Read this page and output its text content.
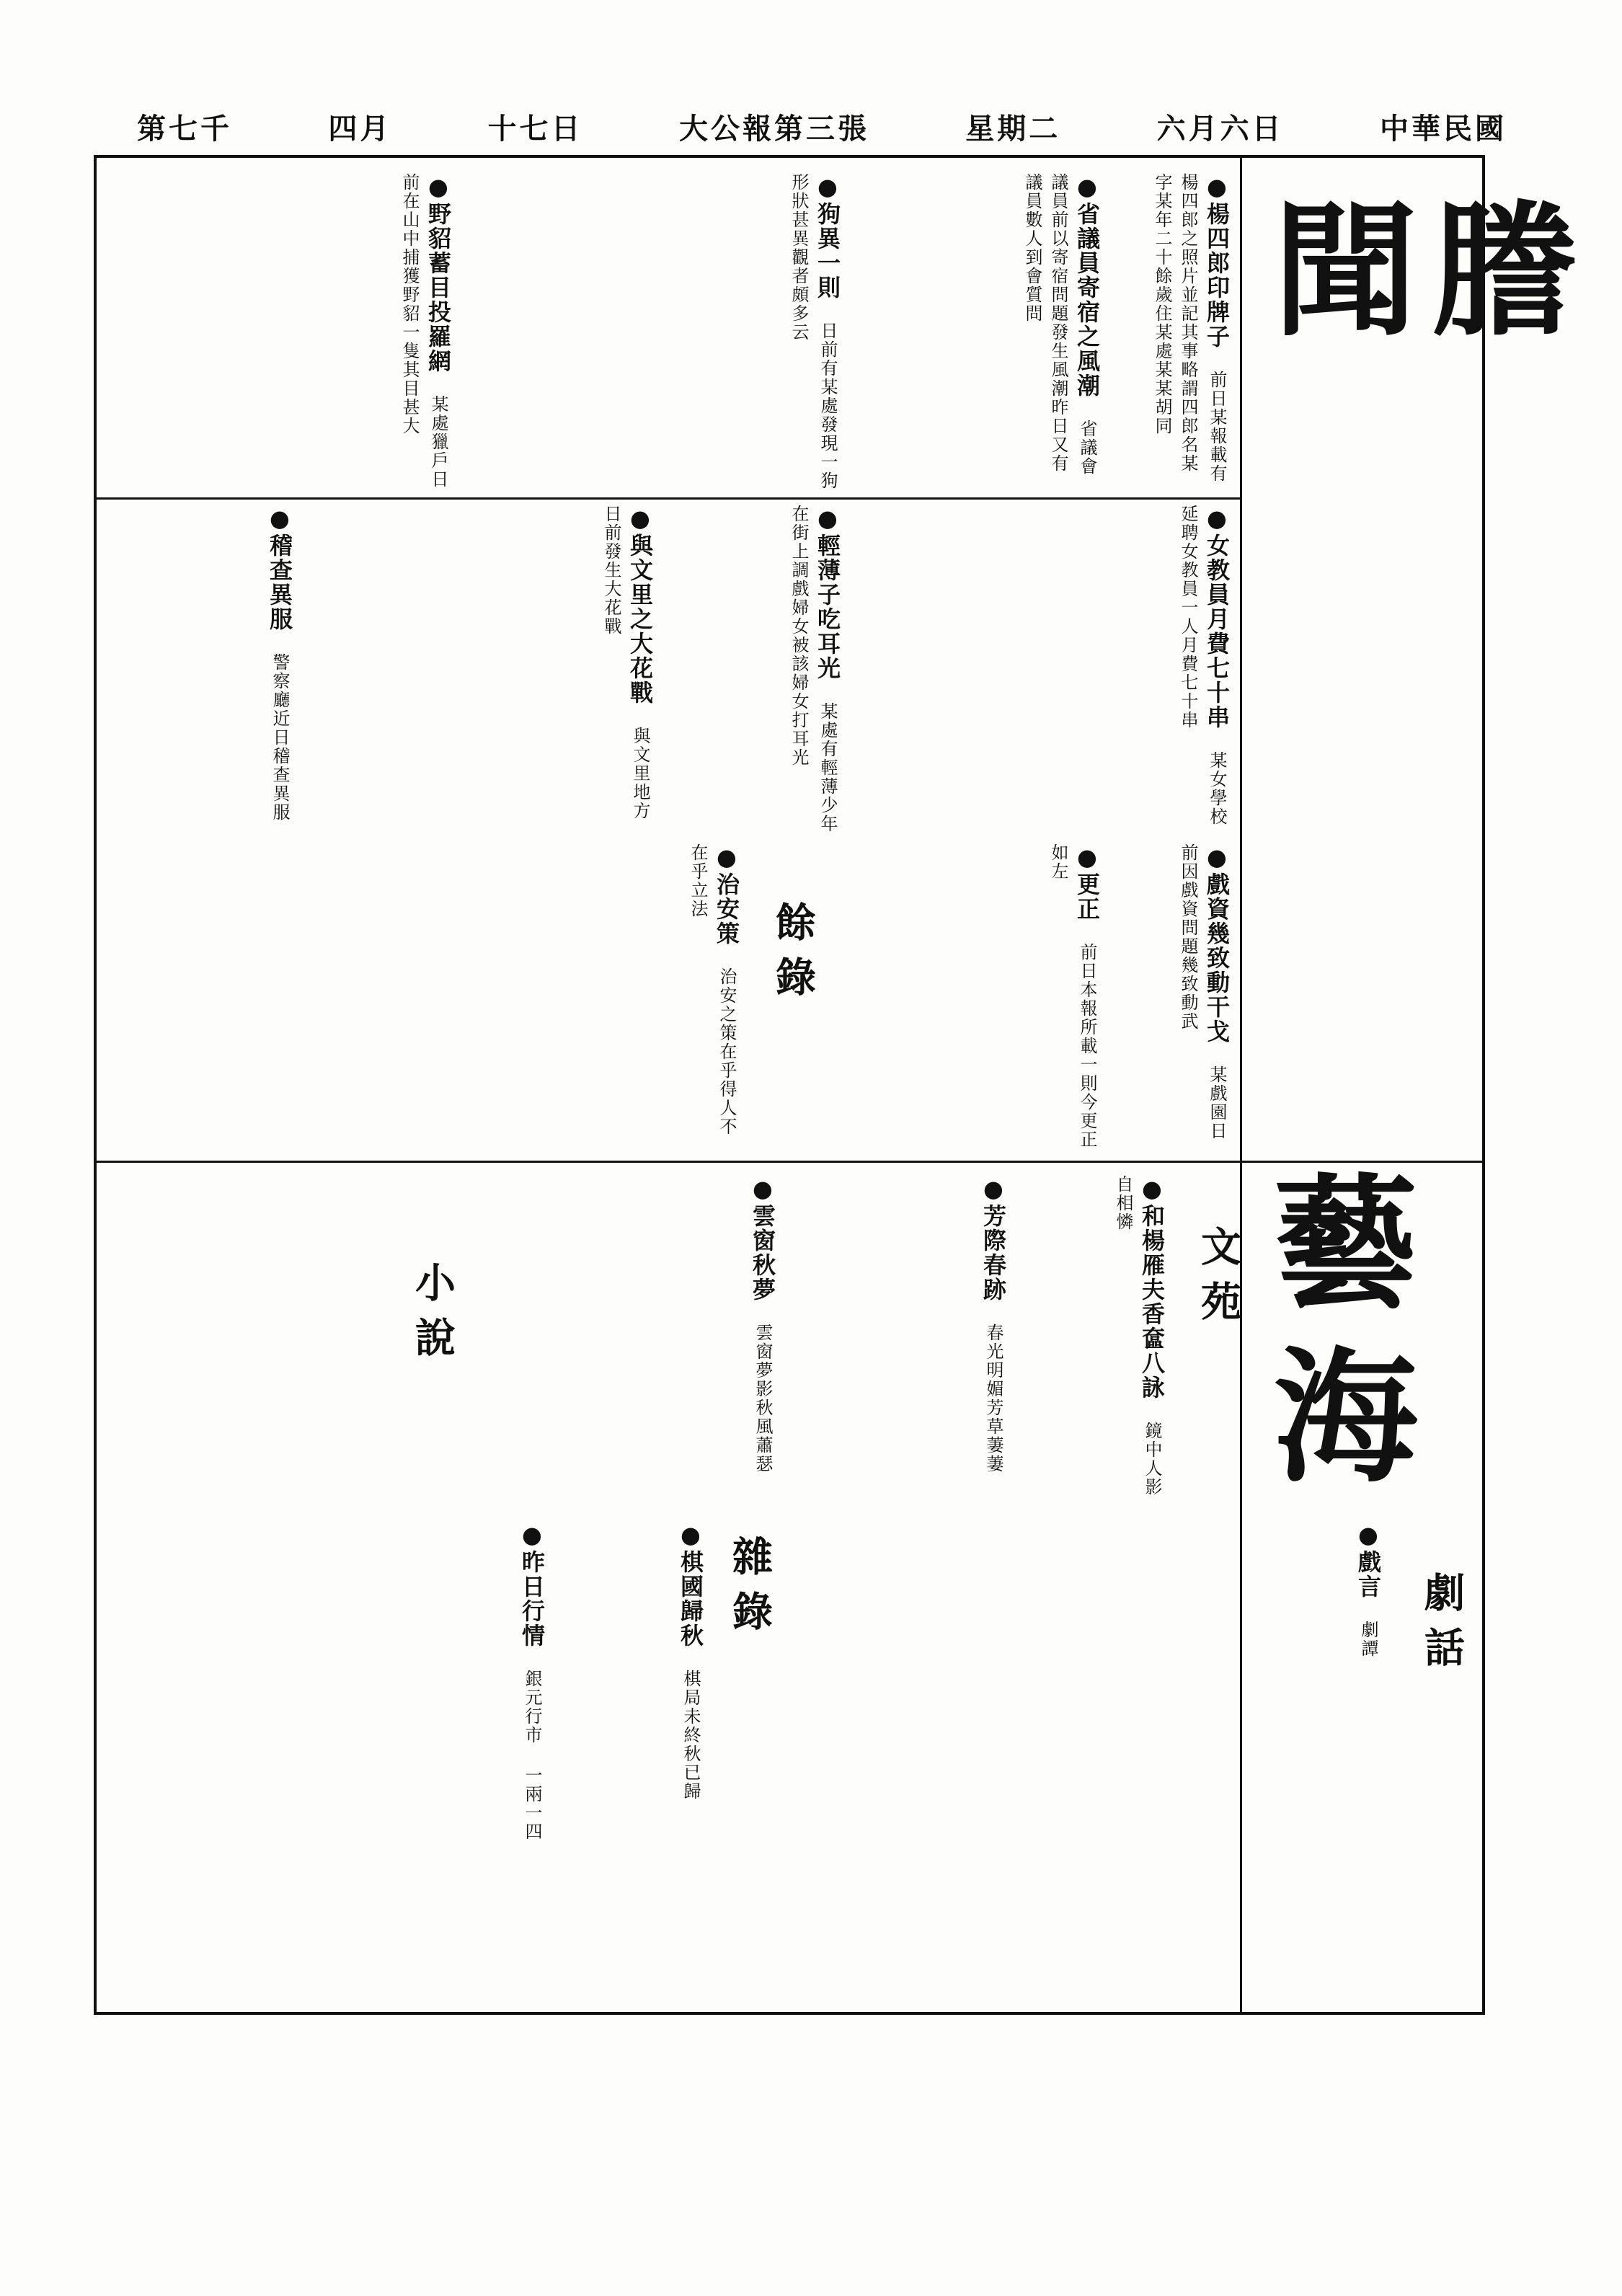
中華民國
六月六日
星期二
大公報第三張
十七日
四月
第七千
謄聞
藝海
● 楊四郎印牌子 前日某報載有楊四郎之照片並記其事略謂四郎名某字某年二十餘歲住某處某某胡同
● 省議員寄宿之風潮 省議會議員前以寄宿問題發生風潮昨日又有議員數人到會質問
● 狗異一則 日前有某處發現一狗形狀甚異觀者頗多云
● 野貂蓄目投羅網 某處獵戶日前在山中捕獲野貂一隻其目甚大
● 女教員月費七十串 某女學校延聘女教員一人月費七十串
● 輕薄子吃耳光 某處有輕薄少年在街上調戲婦女被該婦女打耳光
● 與文里之大花戰 與文里地方日前發生大花戰
● 稽查異服 警察廳近日稽查異服
● 戲資幾致動干戈 某戲園日前因戲資問題幾致動武
● 更正 前日本報所載一則今更正如左
餘錄
● 治安策 治安之策在乎得人不在乎立法
文苑
● 和楊雁夫香奩八詠 鏡中人影自相憐
● 芳際春跡 春光明媚芳草萋萋
● 雲窗秋夢 雲窗夢影秋風蕭瑟
小說
劇話
● 戲言 劇譚
雜錄
● 棋國歸秋 棋局未終秋已歸
● 昨日行情 銀元行市 一兩一四
